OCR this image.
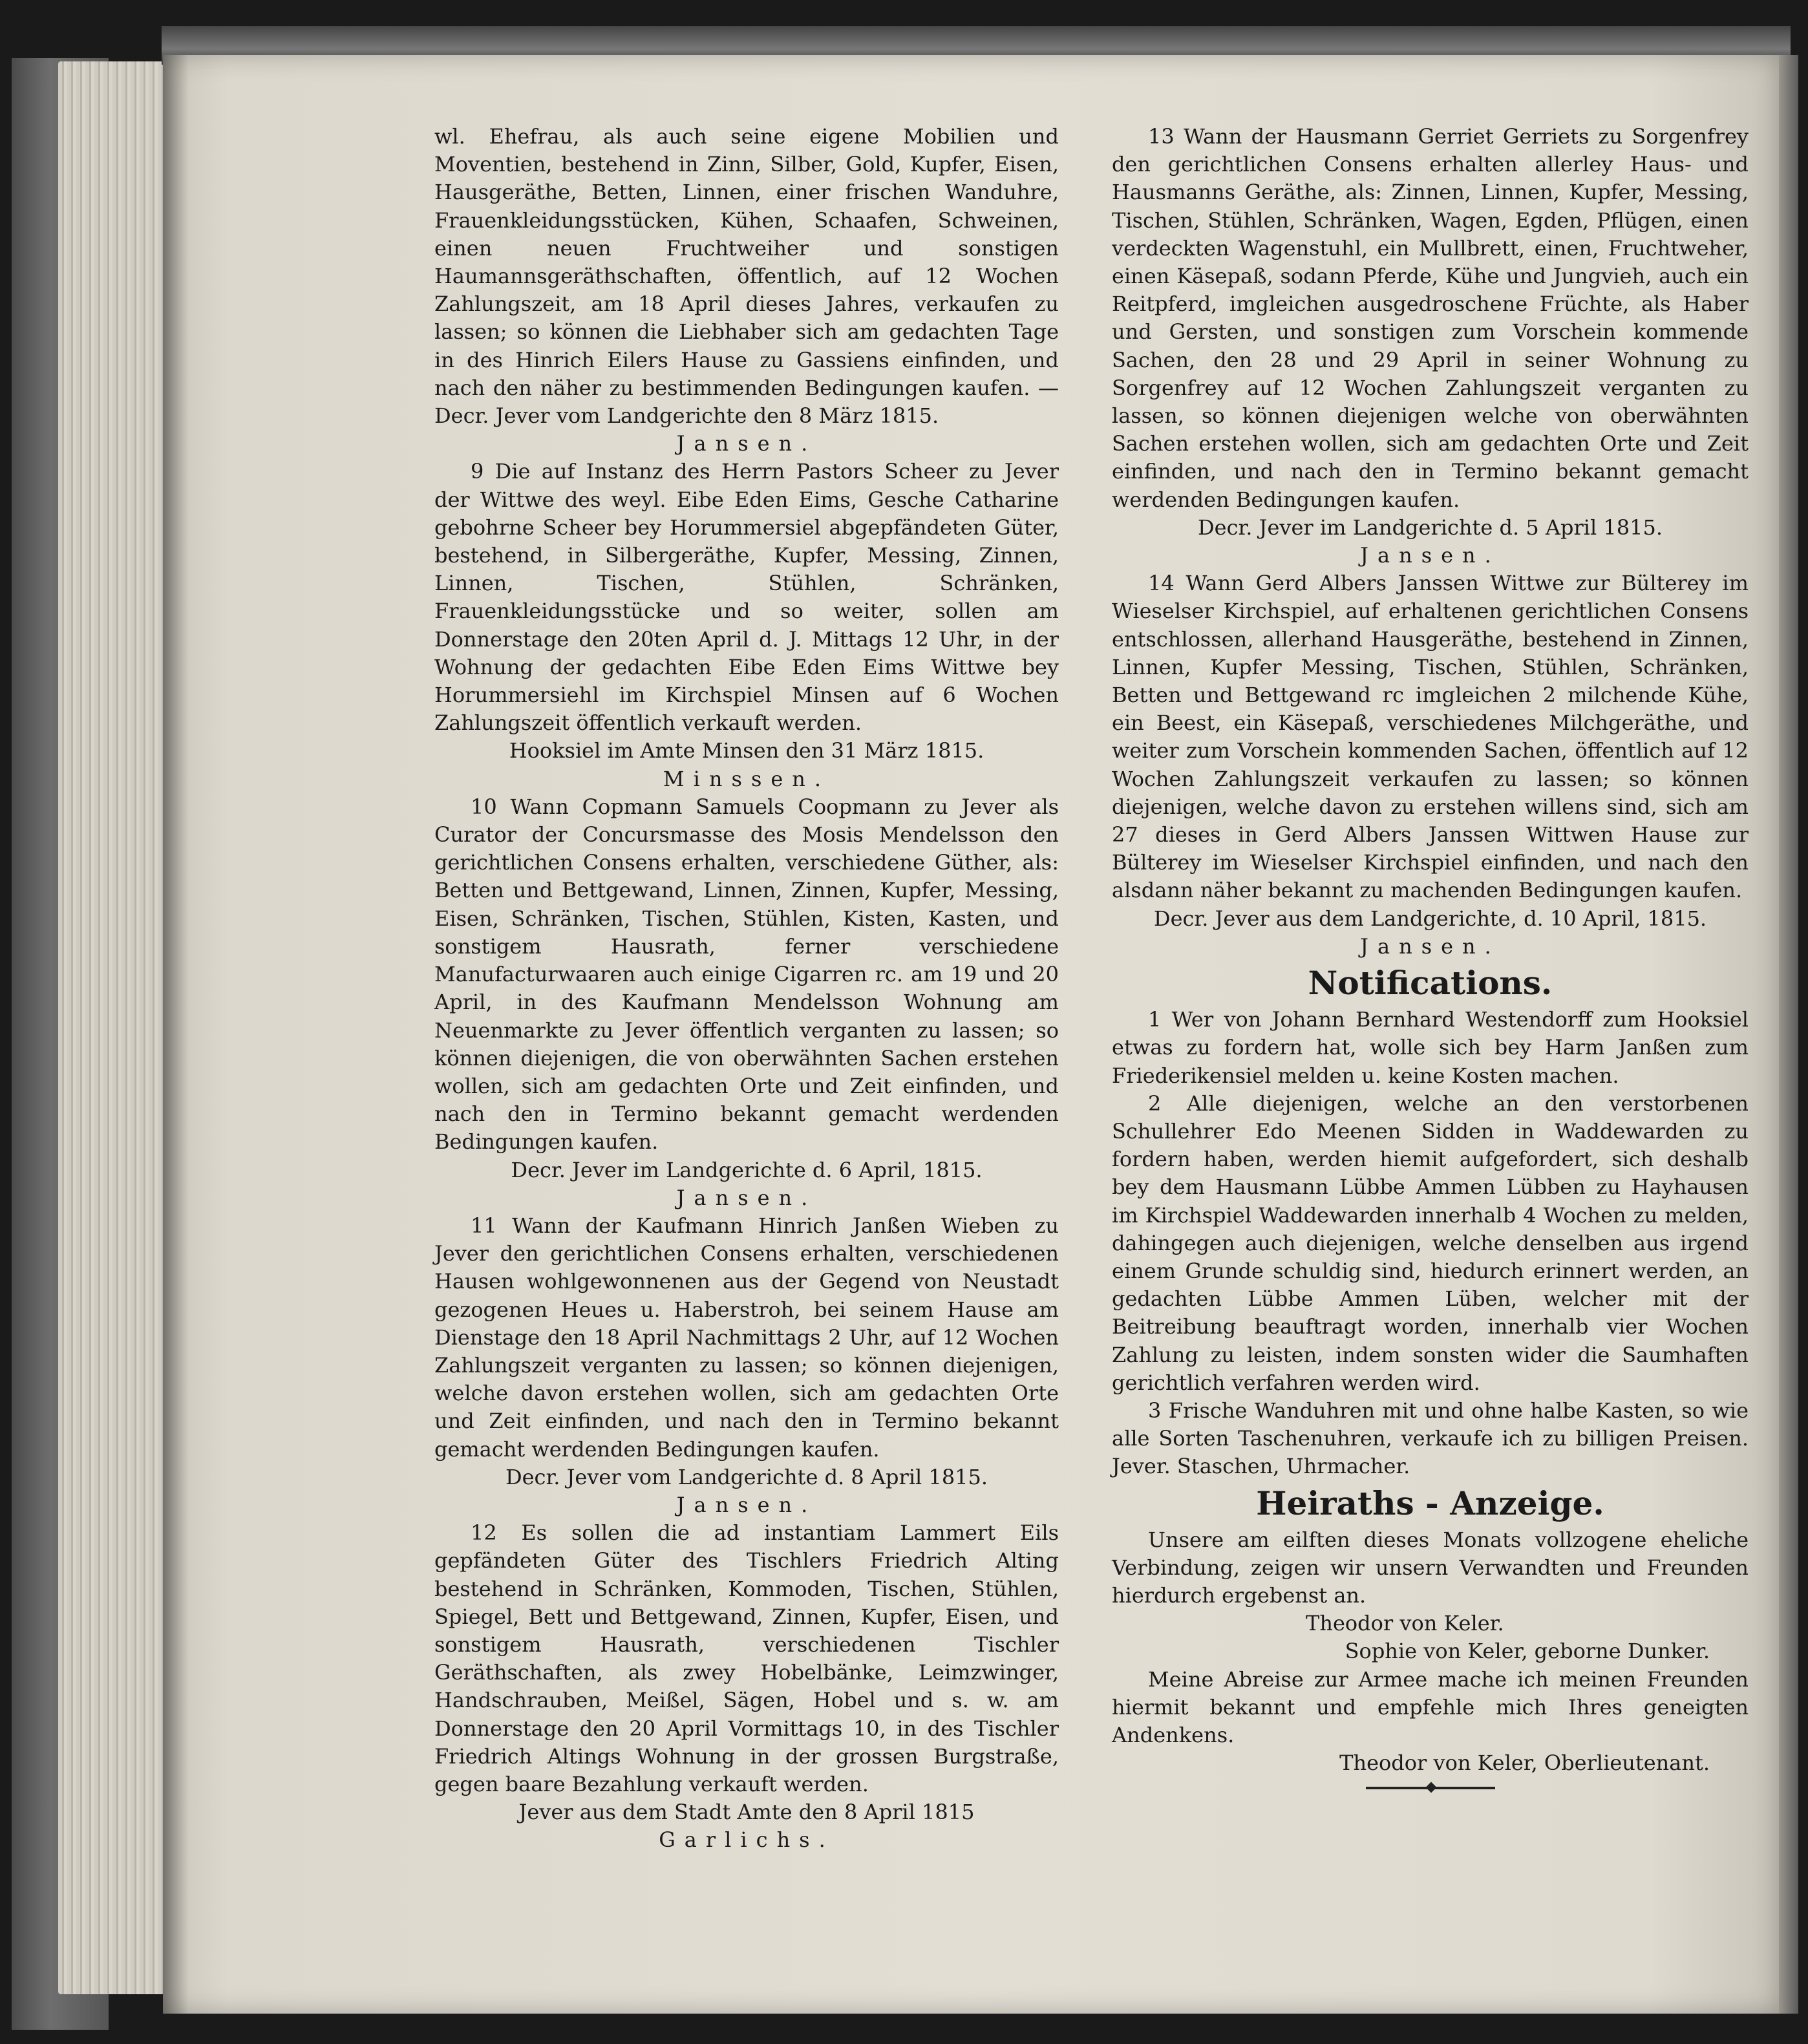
wl. Ehefrau, als auch seine eigene Mobilien und Moventien, bestehend in Zinn, Silber, Gold, Kupfer, Eisen, Hausgeräthe, Betten, Linnen, einer frischen Wanduhre, Frauenkleidungsstücken, Kühen, Schaafen, Schweinen, einen neuen Fruchtweiher und sonstigen Haumannsgeräthschaften, öffentlich, auf 12 Wochen Zahlungszeit, am 18 April dieses Jahres, verkaufen zu lassen; so können die Liebhaber sich am gedachten Tage in des Hinrich Eilers Hause zu Gassiens einfinden, und nach den näher zu bestimmenden Bedingungen kaufen. — Decr. Jever vom Landgerichte den 8 März 1815.

Jansen.

9 Die auf Instanz des Herrn Pastors Scheer zu Jever der Wittwe des weyl. Eibe Eden Eims, Gesche Catharine gebohrne Scheer bey Horummersiel abgepfändeten Güter, bestehend, in Silbergeräthe, Kupfer, Messing, Zinnen, Linnen, Tischen, Stühlen, Schränken, Frauenkleidungsstücke und so weiter, sollen am Donnerstage den 20ten April d. J. Mittags 12 Uhr, in der Wohnung der gedachten Eibe Eden Eims Wittwe bey Horummersiehl im Kirchspiel Minsen auf 6 Wochen Zahlungszeit öffentlich verkauft werden.

Hooksiel im Amte Minsen den 31 März 1815.

Minssen.

10 Wann Copmann Samuels Coopmann zu Jever als Curator der Concursmasse des Mosis Mendelsson den gerichtlichen Consens erhalten, verschiedene Güther, als: Betten und Bettgewand, Linnen, Zinnen, Kupfer, Messing, Eisen, Schränken, Tischen, Stühlen, Kisten, Kasten, und sonstigem Hausrath, ferner verschiedene Manufacturwaaren auch einige Cigarren rc. am 19 und 20 April, in des Kaufmann Mendelsson Wohnung am Neuenmarkte zu Jever öffentlich verganten zu lassen; so können diejenigen, die von oberwähnten Sachen erstehen wollen, sich am gedachten Orte und Zeit einfinden, und nach den in Termino bekannt gemacht werdenden Bedingungen kaufen.

Decr. Jever im Landgerichte d. 6 April, 1815.

Jansen.

11 Wann der Kaufmann Hinrich Janßen Wieben zu Jever den gerichtlichen Consens erhalten, verschiedenen Hausen wohlgewonnenen aus der Gegend von Neustadt gezogenen Heues u. Haberstroh, bei seinem Hause am Dienstage den 18 April Nachmittags 2 Uhr, auf 12 Wochen Zahlungszeit verganten zu lassen; so können diejenigen, welche davon erstehen wollen, sich am gedachten Orte und Zeit einfinden, und nach den in Termino bekannt gemacht werdenden Bedingungen kaufen.

Decr. Jever vom Landgerichte d. 8 April 1815.

Jansen.

12 Es sollen die ad instantiam Lammert Eils gepfändeten Güter des Tischlers Friedrich Alting bestehend in Schränken, Kommoden, Tischen, Stühlen, Spiegel, Bett und Bettgewand, Zinnen, Kupfer, Eisen, und sonstigem Hausrath, verschiedenen Tischler Geräthschaften, als zwey Hobelbänke, Leimzwinger, Handschrauben, Meißel, Sägen, Hobel und s. w. am Donnerstage den 20 April Vormittags 10, in des Tischler Friedrich Altings Wohnung in der grossen Burgstraße, gegen baare Bezahlung verkauft werden.

Jever aus dem Stadt Amte den 8 April 1815

Garlichs.

13 Wann der Hausmann Gerriet Gerriets zu Sorgenfrey den gerichtlichen Consens erhalten allerley Haus- und Hausmanns Geräthe, als: Zinnen, Linnen, Kupfer, Messing, Tischen, Stühlen, Schränken, Wagen, Egden, Pflügen, einen verdeckten Wagenstuhl, ein Mullbrett, einen, Fruchtweher, einen Käsepaß, sodann Pferde, Kühe und Jungvieh, auch ein Reitpferd, imgleichen ausgedroschene Früchte, als Haber und Gersten, und sonstigen zum Vorschein kommende Sachen, den 28 und 29 April in seiner Wohnung zu Sorgenfrey auf 12 Wochen Zahlungszeit verganten zu lassen, so können diejenigen welche von oberwähnten Sachen erstehen wollen, sich am gedachten Orte und Zeit einfinden, und nach den in Termino bekannt gemacht werdenden Bedingungen kaufen.

Decr. Jever im Landgerichte d. 5 April 1815.

Jansen.

14 Wann Gerd Albers Janssen Wittwe zur Bülterey im Wieselser Kirchspiel, auf erhaltenen gerichtlichen Consens entschlossen, allerhand Hausgeräthe, bestehend in Zinnen, Linnen, Kupfer Messing, Tischen, Stühlen, Schränken, Betten und Bettgewand rc imgleichen 2 milchende Kühe, ein Beest, ein Käsepaß, verschiedenes Milchgeräthe, und weiter zum Vorschein kommenden Sachen, öffentlich auf 12 Wochen Zahlungszeit verkaufen zu lassen; so können diejenigen, welche davon zu erstehen willens sind, sich am 27 dieses in Gerd Albers Janssen Wittwen Hause zur Bülterey im Wieselser Kirchspiel einfinden, und nach den alsdann näher bekannt zu machenden Bedingungen kaufen.

Decr. Jever aus dem Landgerichte, d. 10 April, 1815.

Jansen.

Notifications.

1 Wer von Johann Bernhard Westendorff zum Hooksiel etwas zu fordern hat, wolle sich bey Harm Janßen zum Friederikensiel melden u. keine Kosten machen.

2 Alle diejenigen, welche an den verstorbenen Schullehrer Edo Meenen Sidden in Waddewarden zu fordern haben, werden hiemit aufgefordert, sich deshalb bey dem Hausmann Lübbe Ammen Lübben zu Hayhausen im Kirchspiel Waddewarden innerhalb 4 Wochen zu melden, dahingegen auch diejenigen, welche denselben aus irgend einem Grunde schuldig sind, hiedurch erinnert werden, an gedachten Lübbe Ammen Lüben, welcher mit der Beitreibung beauftragt worden, innerhalb vier Wochen Zahlung zu leisten, indem sonsten wider die Saumhaften gerichtlich verfahren werden wird.

3 Frische Wanduhren mit und ohne halbe Kasten, so wie alle Sorten Taschenuhren, verkaufe ich zu billigen Preisen. Jever. Staschen, Uhrmacher.

Heiraths - Anzeige.

Unsere am eilften dieses Monats vollzogene eheliche Verbindung, zeigen wir unsern Verwandten und Freunden hierdurch ergebenst an.

Theodor von Keler.

Sophie von Keler, geborne Dunker.

Meine Abreise zur Armee mache ich meinen Freunden hiermit bekannt und empfehle mich Ihres geneigten Andenkens.

Theodor von Keler, Oberlieutenant.
